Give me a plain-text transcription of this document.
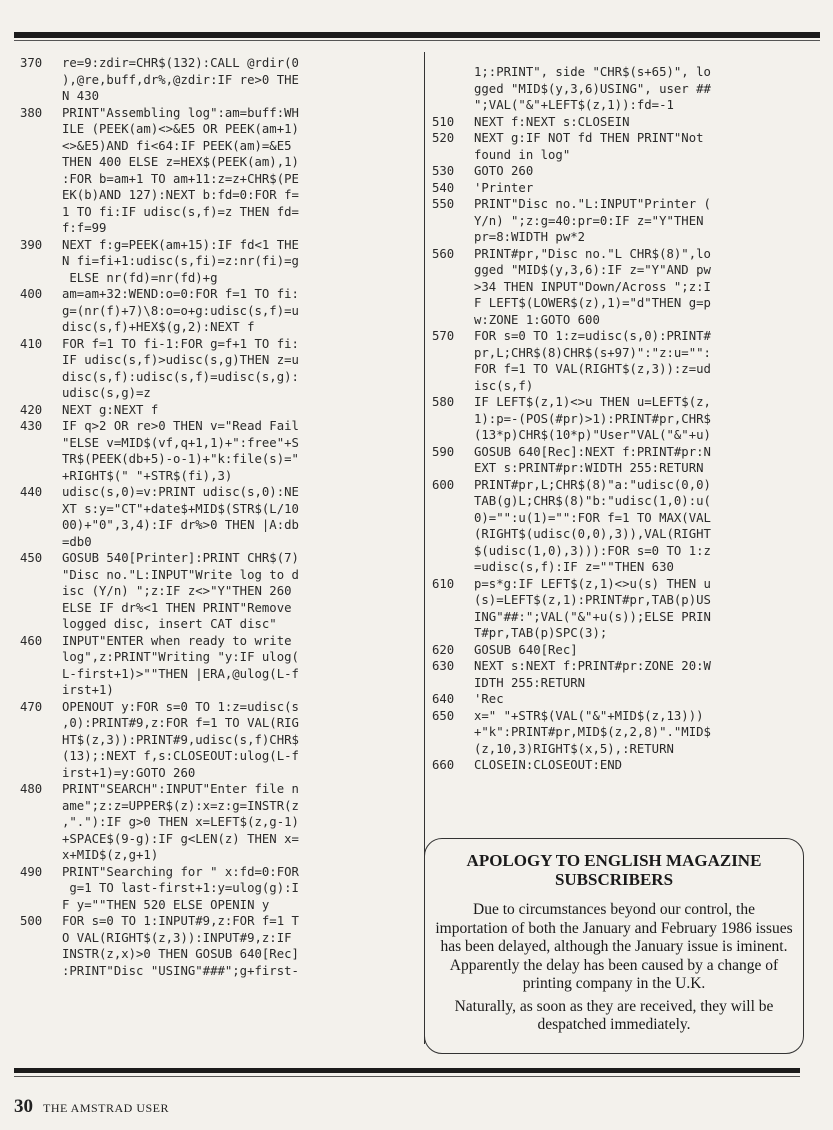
370	re=9:zdir=CHR$(132):CALL @rdir(0
),@re,buff,dr%,@zdir:IF re>0 THE
N 430
380	PRINT"Assembling log":am=buff:WH
ILE (PEEK(am)<>&E5 OR PEEK(am+1)
<>&E5)AND fi<64:IF PEEK(am)=&E5
THEN 400 ELSE z=HEX$(PEEK(am),1)
:FOR b=am+1 TO am+11:z=z+CHR$(PE
EK(b)AND 127):NEXT b:fd=0:FOR f=
1 TO fi:IF udisc(s,f)=z THEN fd=
f:f=99
390	NEXT f:g=PEEK(am+15):IF fd<1 THE
N fi=fi+1:udisc(s,fi)=z:nr(fi)=g
ELSE nr(fd)=nr(fd)+g
400	am=am+32:WEND:o=0:FOR f=1 TO fi:
g=(nr(f)+7)\8:o=o+g:udisc(s,f)=u
disc(s,f)+HEX$(g,2):NEXT f
410	FOR f=1 TO fi-1:FOR g=f+1 TO fi:
IF udisc(s,f)>udisc(s,g)THEN z=u
disc(s,f):udisc(s,f)=udisc(s,g):
udisc(s,g)=z
420	NEXT g:NEXT f
430	IF q>2 OR re>0 THEN v="Read Fail
"ELSE v=MID$(vf,q+1,1)+":free"+S
TR$(PEEK(db+5)-o-1)+"k:file(s)="
+RIGHT$(" "+STR$(fi),3)
440	udisc(s,0)=v:PRINT udisc(s,0):NE
XT s:y="CT"+date$+MID$(STR$(L/10
00)+"0",3,4):IF dr%>0 THEN |A:db
=db0
450	GOSUB 540[Printer]:PRINT CHR$(7)
"Disc no."L:INPUT"Write log to d
isc (Y/n) ";z:IF z<>"Y"THEN 260
ELSE IF dr%<1 THEN PRINT"Remove
logged disc, insert CAT disc"
460	INPUT"ENTER when ready to write
log",z:PRINT"Writing "y:IF ulog(
L-first+1)>""THEN |ERA,@ulog(L-f
irst+1)
470	OPENOUT y:FOR s=0 TO 1:z=udisc(s
,0):PRINT#9,z:FOR f=1 TO VAL(RIG
HT$(z,3)):PRINT#9,udisc(s,f)CHR$
(13);:NEXT f,s:CLOSEOUT:ulog(L-f
irst+1)=y:GOTO 260
480	PRINT"SEARCH":INPUT"Enter file n
ame";z:z=UPPER$(z):x=z:g=INSTR(z
,"."):IF g>0 THEN x=LEFT$(z,g-1)
+SPACE$(9-g):IF g<LEN(z) THEN x=
x+MID$(z,g+1)
490	PRINT"Searching for " x:fd=0:FOR
g=1 TO last-first+1:y=ulog(g):I
F y=""THEN 520 ELSE OPENIN y
500	FOR s=0 TO 1:INPUT#9,z:FOR f=1 T
O VAL(RIGHT$(z,3)):INPUT#9,z:IF
INSTR(z,x)>0 THEN GOSUB 640[Rec]
:PRINT"Disc "USING"###";g+first-
1;:PRINT", side "CHR$(s+65)", lo
gged "MID$(y,3,6)USING", user ##
";VAL("&"+LEFT$(z,1)):fd=-1
510	NEXT f:NEXT s:CLOSEIN
520	NEXT g:IF NOT fd THEN PRINT"Not
found in log"
530	GOTO 260
540	'Printer
550	PRINT"Disc no."L:INPUT"Printer (
Y/n) ";z:g=40:pr=0:IF z="Y"THEN
pr=8:WIDTH pw*2
560	PRINT#pr,"Disc no."L CHR$(8)",lo
gged "MID$(y,3,6):IF z="Y"AND pw
>34 THEN INPUT"Down/Across ";z:I
F LEFT$(LOWER$(z),1)="d"THEN g=p
w:ZONE 1:GOTO 600
570	FOR s=0 TO 1:z=udisc(s,0):PRINT#
pr,L;CHR$(8)CHR$(s+97)":"z:u="":
FOR f=1 TO VAL(RIGHT$(z,3)):z=ud
isc(s,f)
580	IF LEFT$(z,1)<>u THEN u=LEFT$(z,
1):p=-(POS(#pr)>1):PRINT#pr,CHR$
(13*p)CHR$(10*p)"User"VAL("&"+u)
590	GOSUB 640[Rec]:NEXT f:PRINT#pr:N
EXT s:PRINT#pr:WIDTH 255:RETURN
600	PRINT#pr,L;CHR$(8)"a:"udisc(0,0)
TAB(g)L;CHR$(8)"b:"udisc(1,0):u(
0)="":u(1)="":FOR f=1 TO MAX(VAL
(RIGHT$(udisc(0,0),3)),VAL(RIGHT
$(udisc(1,0),3))):FOR s=0 TO 1:z
=udisc(s,f):IF z=""THEN 630
610	p=s*g:IF LEFT$(z,1)<>u(s) THEN u
(s)=LEFT$(z,1):PRINT#pr,TAB(p)US
ING"##:";VAL("&"+u(s));ELSE PRIN
T#pr,TAB(p)SPC(3);
620	GOSUB 640[Rec]
630	NEXT s:NEXT f:PRINT#pr:ZONE 20:W
IDTH 255:RETURN
640	'Rec
650	x=" "+STR$(VAL("&"+MID$(z,13)))
+"k":PRINT#pr,MID$(z,2,8)"."MID$
(z,10,3)RIGHT$(x,5),:RETURN
660	CLOSEIN:CLOSEOUT:END
APOLOGY TO ENGLISH MAGAZINE SUBSCRIBERS

Due to circumstances beyond our control, the importation of both the January and February 1986 issues has been delayed, although the January issue is iminent. Apparently the delay has been caused by a change of printing company in the U.K.

Naturally, as soon as they are received, they will be despatched immediately.

30 THE AMSTRAD USER
